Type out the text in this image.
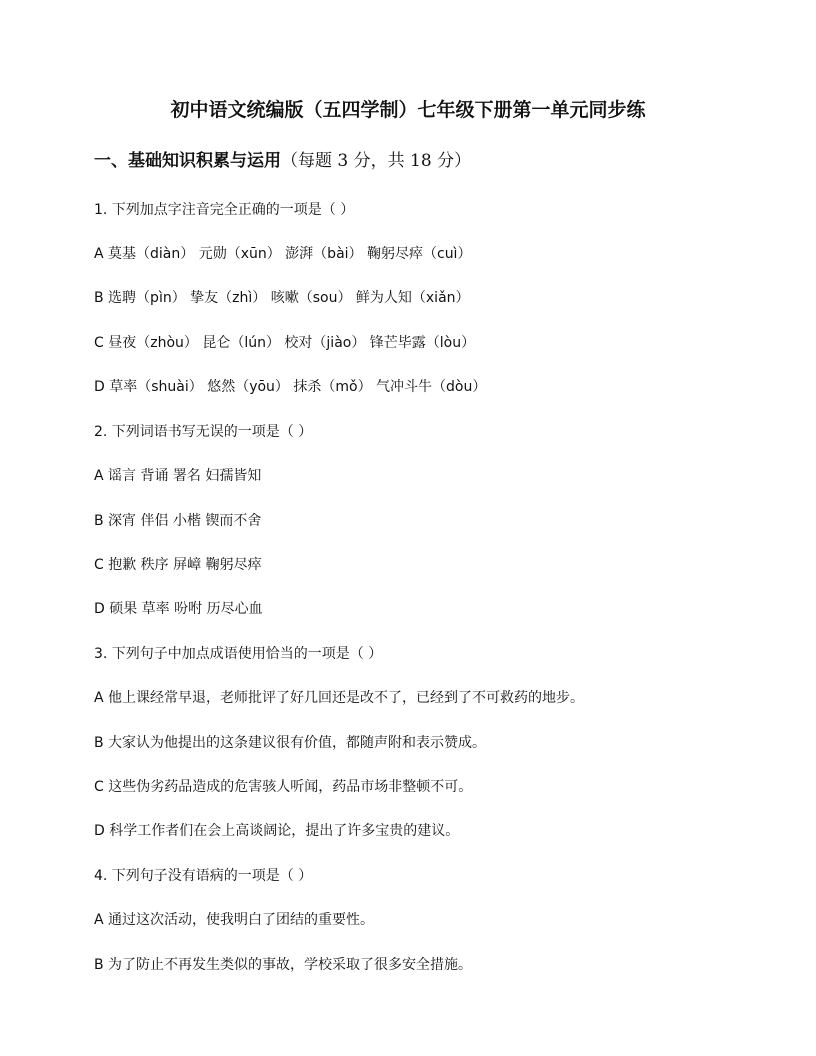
初中语文统编版（五四学制）七年级下册第一单元同步练
一、基础知识积累与运用（每题 3 分，共 18 分）
1. 下列加点字注音完全正确的一项是（ ）
A 莫基（diàn） 元勋（xūn） 澎湃（bài） 鞠躬尽瘁（cuì）
B 选聘（pìn） 挚友（zhì） 咳嗽（sou） 鲜为人知（xiǎn）
C 昼夜（zhòu） 昆仑（lún） 校对（jiào） 锋芒毕露（lòu）
D 草率（shuài） 悠然（yōu） 抹杀（mǒ） 气冲斗牛（dòu）
2. 下列词语书写无误的一项是（ ）
A 谣言 背诵 署名 妇孺皆知
B 深宵 伴侣 小楷 锲而不舍
C 抱歉 秩序 屏嶂 鞠躬尽瘁
D 硕果 草率 吩咐 历尽心血
3. 下列句子中加点成语使用恰当的一项是（ ）
A 他上课经常早退，老师批评了好几回还是改不了，已经到了不可救药的地步。
B 大家认为他提出的这条建议很有价值，都随声附和表示赞成。
C 这些伪劣药品造成的危害骇人听闻，药品市场非整顿不可。
D 科学工作者们在会上高谈阔论，提出了许多宝贵的建议。
4. 下列句子没有语病的一项是（ ）
A 通过这次活动，使我明白了团结的重要性。
B 为了防止不再发生类似的事故，学校采取了很多安全措施。
